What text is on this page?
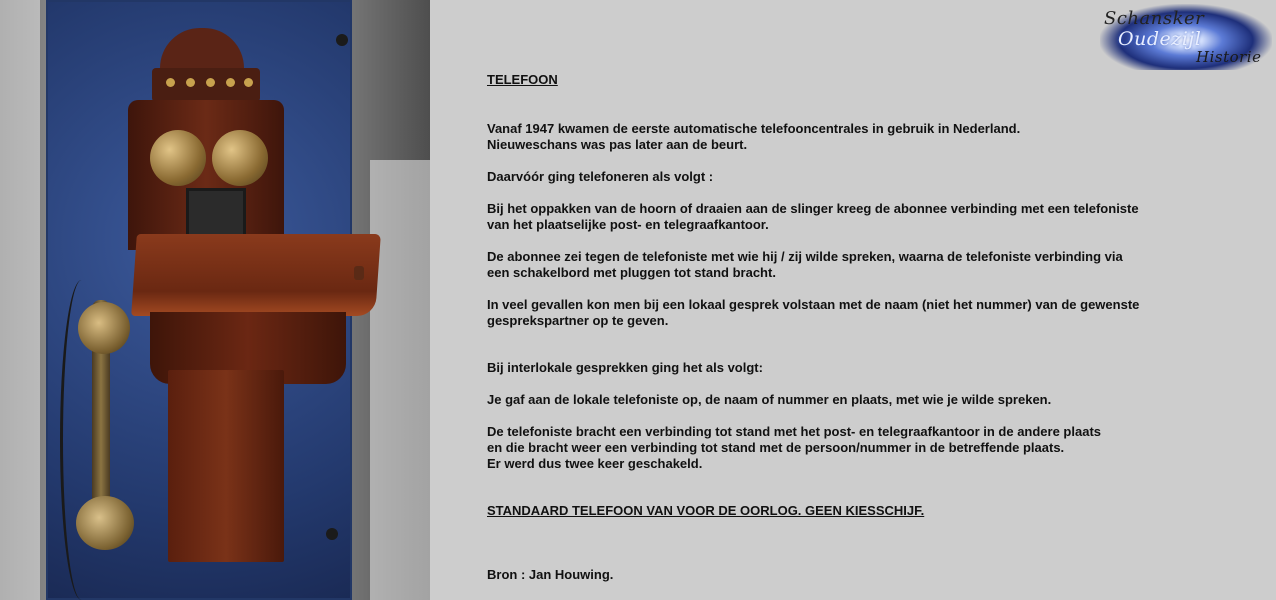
Schansker
Oudezijl
Historie

TELEFOON

Vanaf 1947 kwamen de eerste automatische telefooncentrales in gebruik in Nederland.
Nieuweschans was pas later aan de beurt.

Daarvóór ging telefoneren als volgt :

Bij het oppakken van de hoorn of draaien aan de slinger kreeg de abonnee verbinding met een telefoniste
van het plaatselijke post- en telegraafkantoor.

De abonnee zei tegen de telefoniste met wie hij / zij wilde spreken, waarna de telefoniste verbinding via
een schakelbord met pluggen tot stand bracht.

In veel gevallen kon men bij een lokaal gesprek volstaan met de naam (niet het nummer) van de gewenste
gesprekspartner op te geven.

Bij interlokale gesprekken ging het als volgt:

Je gaf aan de lokale telefoniste op, de naam of nummer en plaats, met wie je wilde spreken.

De telefoniste bracht een verbinding tot stand met het post- en telegraafkantoor in de andere plaats
en die bracht weer een verbinding tot stand met de persoon/nummer in de betreffende plaats.
Er werd dus twee keer geschakeld.

STANDAARD TELEFOON VAN VOOR DE OORLOG. GEEN KIESSCHIJF.

Bron : Jan Houwing.
